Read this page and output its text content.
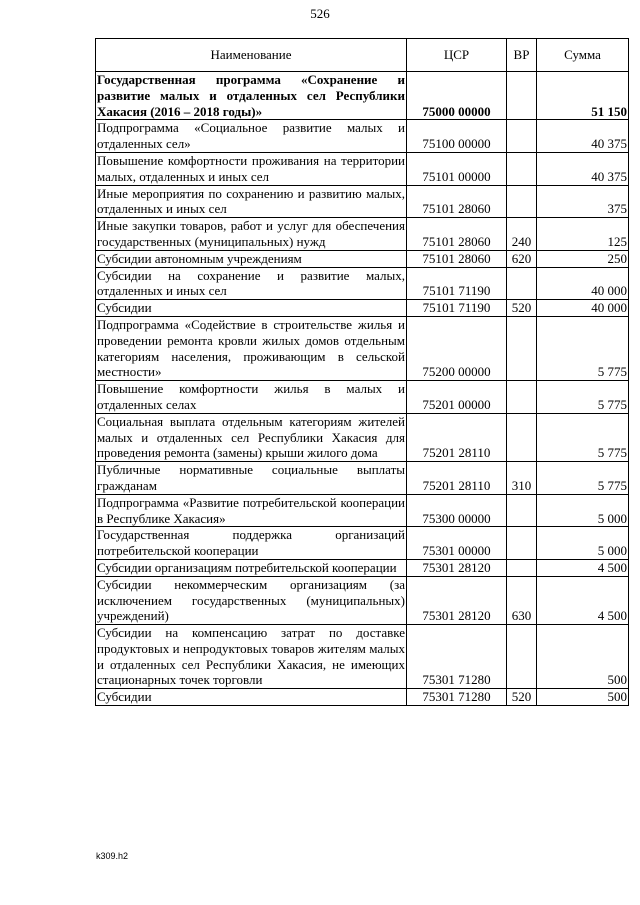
526
Наименование	ЦСР	ВР	Сумма
Государственная программа «Сохранение и развитие малых и отдаленных сел Республики Хакасия (2016 – 2018 годы)»	75000 00000		51 150
Подпрограмма «Социальное развитие малых и отдаленных сел»	75100 00000		40 375
Повышение комфортности проживания на территории малых, отдаленных и иных сел	75101 00000		40 375
Иные мероприятия по сохранению и развитию малых, отдаленных и иных сел	75101 28060		375
Иные закупки товаров, работ и услуг для обеспечения государственных (муниципальных) нужд	75101 28060	240	125
Субсидии автономным учреждениям	75101 28060	620	250
Субсидии на сохранение и развитие малых, отдаленных и иных сел	75101 71190		40 000
Субсидии	75101 71190	520	40 000
Подпрограмма «Содействие в строительстве жилья и проведении ремонта кровли жилых домов отдельным категориям населения, проживающим в сельской местности»	75200 00000		5 775
Повышение комфортности жилья в малых и отдаленных селах	75201 00000		5 775
Социальная выплата отдельным категориям жителей малых и отдаленных сел Республики Хакасия для проведения ремонта (замены) крыши жилого дома	75201 28110		5 775
Публичные нормативные социальные выплаты гражданам	75201 28110	310	5 775
Подпрограмма «Развитие потребительской кооперации в Республике Хакасия»	75300 00000		5 000
Государственная поддержка организаций потребительской кооперации	75301 00000		5 000
Субсидии организациям потребительской кооперации	75301 28120		4 500
Субсидии некоммерческим организациям (за исключением государственных (муниципальных) учреждений)	75301 28120	630	4 500
Субсидии на компенсацию затрат по доставке продуктовых и непродуктовых товаров жителям малых и отдаленных сел Республики Хакасия, не имеющих стационарных точек торговли	75301 71280		500
Субсидии	75301 71280	520	500
k309.h2
